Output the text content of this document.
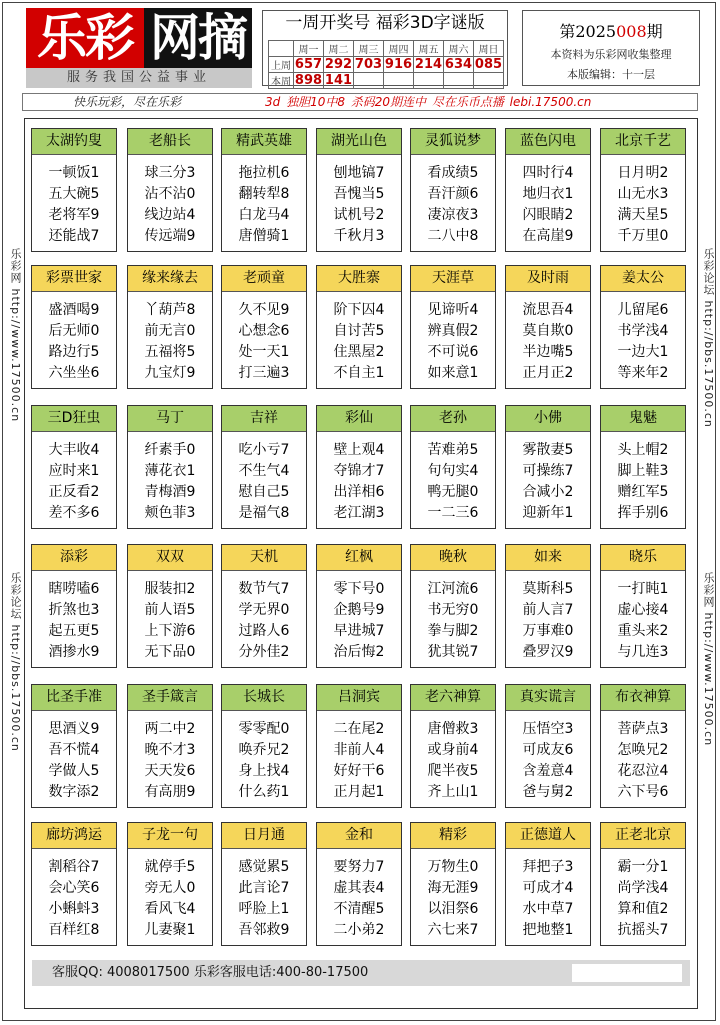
乐彩 网摘
服务我国公益事业
一周开奖号 福彩3D字谜版
	周一	周二	周三	周四	周五	周六	周日
上周	657	292	703	916	214	634	085
本周	898	141					
第2025008期
本资料为乐彩网收集整理
本版编辑：十一层
快乐玩彩，尽在乐彩	3d 独胆10中8 杀码20期连中 尽在乐币点播 lebi.17500.cn
乐彩网 http://www.17500.cn
乐彩论坛 http://bbs.17500.cn
乐彩论坛 http://bbs.17500.cn
乐彩网 http://www.17500.cn
太湖钓叟
一顿饭1
五大碗5
老将军9
还能战7
老船长
球三分3
沾不沾0
线边站4
传远端9
精武英雄
拖拉机6
翻转犁8
白龙马4
唐僧骑1
湖光山色
刨地镐7
吾愧当5
试机号2
千秋月3
灵狐说梦
看成绩5
吾汗颜6
凄凉夜3
二八中8
蓝色闪电
四时行4
地归衣1
闪眼睛2
在高崖9
北京千艺
日月明2
山无水3
满天星5
千万里0
彩票世家
盛酒喝9
后无师0
路边行5
六坐坐6
缘来缘去
丫葫芦8
前无言0
五福将5
九宝灯9
老顽童
久不见9
心想念6
处一天1
打三遍3
大胜寨
阶下囚4
自讨苦5
住黑屋2
不自主1
天涯草
见谛听4
辨真假2
不可说6
如来意1
及时雨
流思吾4
莫自欺0
半边嘴5
正月正2
姜太公
儿留尾6
书学浅4
一边大1
等来年2
三D狂虫
大丰收4
应时来1
正反看2
差不多6
马丁
纤素手0
薄花衣1
青梅酒9
颊色菲3
吉祥
吃小亏7
不生气4
慰自己5
是福气8
彩仙
壁上观4
夺锦才7
出洋相6
老江湖3
老孙
苦难弟5
句句实4
鸭无腿0
一二三6
小佛
雾散妻5
可操练7
合减小2
迎新年1
鬼魅
头上帽2
脚上鞋3
赠红军5
挥手别6
添彩
瞎唠嗑6
折煞也3
起五更5
酒掺水9
双双
服装扣2
前人语5
上下游6
无下品0
天机
数节气7
学无界0
过路人6
分外佳2
红枫
零下号0
企鹅号9
早进城7
治后悔2
晚秋
江河流6
书无穷0
拳与脚2
犹其锐7
如来
莫斯科5
前人言7
万事难0
叠罗汉9
晓乐
一打盹1
虚心接4
重头来2
与几连3
比圣手准
思酒义9
吾不慌4
学做人5
数字添2
圣手箴言
两二中2
晚不才3
天天发6
有高朋9
长城长
零零配0
唤乔兄2
身上找4
什么药1
吕洞宾
二在尾2
非前人4
好好干6
正月起1
老六神算
唐僧救3
或身前4
爬半夜5
齐上山1
真实谎言
压悟空3
可成友6
含羞意4
爸与舅2
布衣神算
菩萨点3
怎唤兄2
花忍泣4
六下号6
廊坊鸿运
割稻谷7
会心笑6
小蝌蚪3
百样红8
子龙一句
就停手5
旁无人0
看风飞4
儿妻聚1
日月通
感觉累5
此言论7
呼脸上1
吾邻救9
金和
要努力7
虚其表4
不清醒5
二小弟2
精彩
万物生0
海无涯9
以泪祭6
六七来7
正德道人
拜把子3
可成才4
水中草7
把地整1
正老北京
霸一分1
尚学浅4
算和值2
抗摇头7
客服QQ: 4008017500 乐彩客服电话:400-80-17500
